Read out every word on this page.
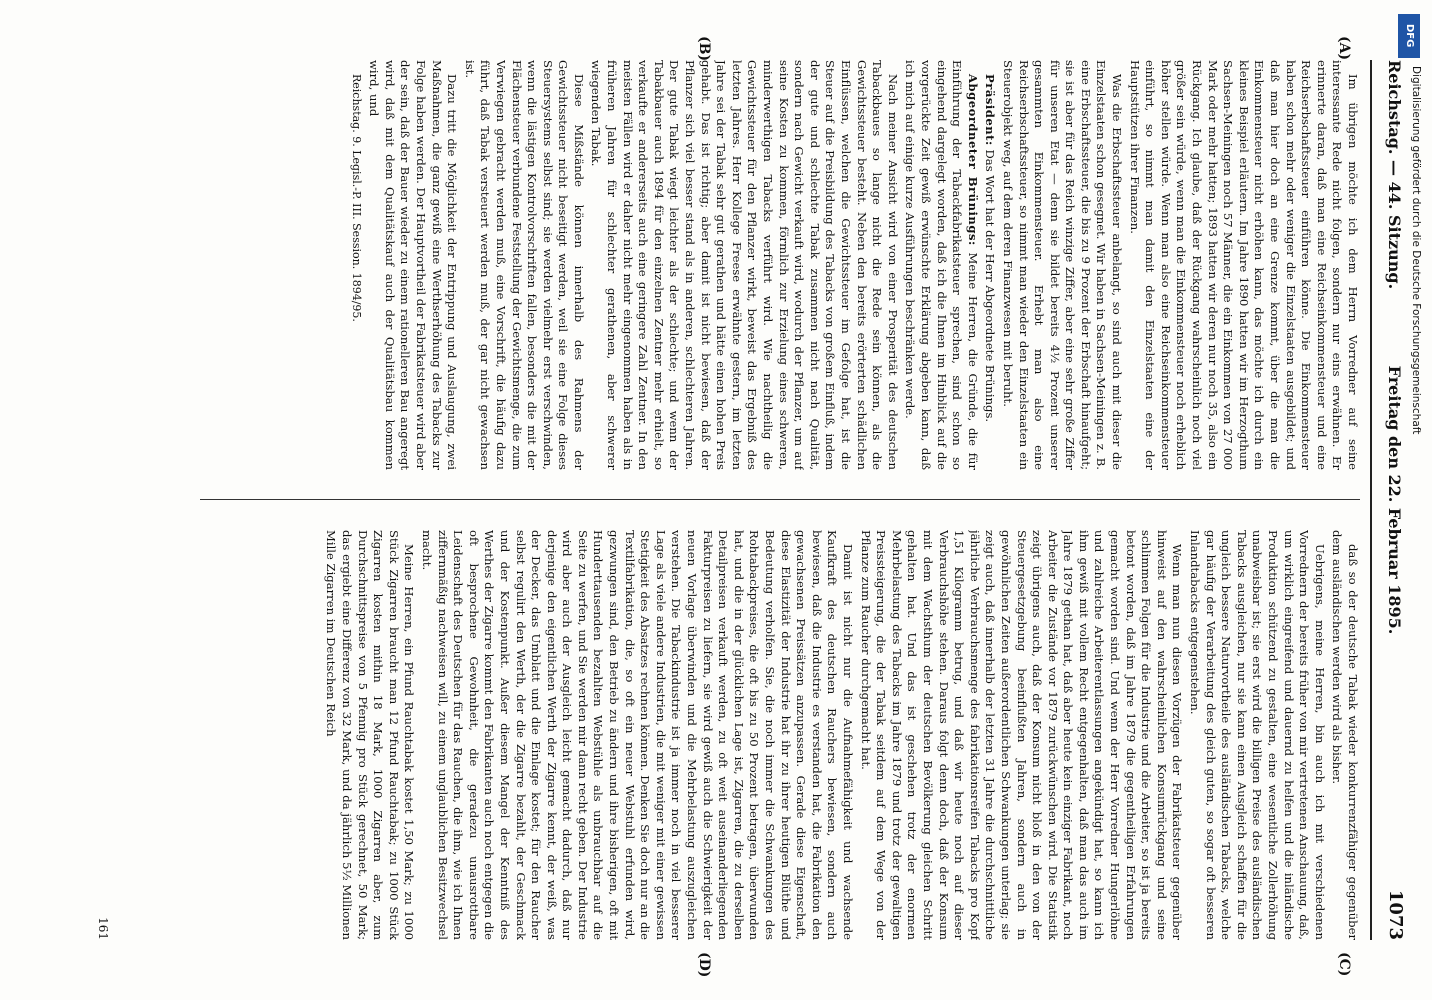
Reichstag. — 44. Sitzung.
Freitag den 22. Februar 1895.
1073
(A)
(B)
(C)
(D)

Im übrigen möchte ich dem Herrn Vorredner auf seine interessante Rede nicht folgen, sondern nur eins erwähnen. Er erinnerte daran, daß man eine Reichseinkommensteuer und eine Reichserbschaftssteuer einführen könne. Die Einkommensteuer haben schon mehr oder weniger die Einzelstaaten ausgebildet; und daß man hier doch an eine Grenze kommt, über die man die Einkommensteuer nicht erhöhen kann, das möchte ich durch ein kleines Beispiel erläutern. Im Jahre 1890 hatten wir im Herzogthum Sachsen-Meiningen noch 57 Männer, die ein Einkommen von 27 000 Mark oder mehr hatten; 1893 hatten wir deren nur noch 35, also ein Rückgang. Ich glaube, daß der Rückgang wahrscheinlich noch viel größer sein würde, wenn man die Einkommensteuer noch erheblich höher stellen würde. Wenn man also eine Reichseinkommensteuer einführt, so nimmt man damit den Einzelstaaten eine der Hauptstützen ihrer Finanzen.

Was die Erbschaftssteuer anbelangt, so sind auch mit dieser die Einzelstaaten schon gesegnet. Wir haben in Sachsen-Meiningen z. B. eine Erbschaftssteuer, die bis zu 9 Prozent der Erbschaft hinaufgeht; sie ist aber für das Reich winzige Ziffer, aber eine sehr große Ziffer für unseren Etat — denn sie bildet bereits 4½ Prozent unserer gesammten Einkommensteuer. Erhebt man also eine Reichserbschaftssteuer, so nimmt man wieder den Einzelstaaten ein Steuerobjekt weg, auf dem deren Finanzwesen mit beruht.

Präsident: Das Wort hat der Herr Abgeordnete Brünings.

Abgeordneter Brünings: Meine Herren, die Gründe, die für Einführung der Tabackfabrikatsteuer sprechen, sind schon so eingehend dargelegt worden, daß ich die Ihnen im Hinblick auf die vorgerückte Zeit gewiß erwünschte Erklärung abgeben kann, daß ich mich auf einige kurze Ausführungen beschränken werde.

Nach meiner Ansicht wird von einer Prosperität des deutschen Tabackbaues so lange nicht die Rede sein können, als die Gewichtssteuer besteht. Neben den bereits erörterten schädlichen Einflüssen, welchen die Gewichtssteuer im Gefolge hat, ist die Steuer auf die Preisbildung des Tabacks von großem Einfluß, indem der gute und schlechte Tabak zusammen nicht nach Qualität, sondern nach Gewicht verkauft wird, wodurch der Pflanzer, um auf seine Kosten zu kommen, förmlich zur Erzielung eines schweren, minderwerthigen Tabacks verführt wird. Wie nachtheilig die Gewichtssteuer für den Pflanzer wirkt, beweist das Ergebniß des letzten Jahres. Herr Kollege Freese erwähnte gestern, im letzten Jahre sei der Tabak sehr gut gerathen und hätte einen hohen Preis gehabt. Das ist richtig; aber damit ist nicht bewiesen, daß der Pflanzer sich viel besser stand als in anderen, schlechteren Jahren. Der gute Tabak wiegt leichter als der schlechte; und wenn der Tabakbauer auch 1894 für den einzelnen Zentner mehr erhielt, so verkaufte er andererseits auch eine geringere Zahl Zentner. In den meisten Fällen wird er daher nicht mehr eingenommen haben als in früheren Jahren für schlechter gerathenen, aber schwerer wiegenden Tabak.

Diese Mißstände können innerhalb des Rahmens der Gewichtssteuer nicht beseitigt werden, weil sie eine Folge dieses Steuersystems selbst sind; sie werden vielmehr erst verschwinden, wenn die lästigen Kontrolvorschriften fallen, besonders die mit der Flächensteuer verbundene Feststellung der Gewichtsmenge, die zum Verwiegen gebracht werden muß, eine Vorschrift, die häufig dazu führt, daß Tabak versteuert werden muß, der gar nicht gewachsen ist.

Dazu tritt die Möglichkeit der Entrippung und Auslaugung, zwei Maßnahmen, die ganz gewiß eine Werthserhöhung des Tabacks zur Folge haben werden. Der Hauptvortheil der Fabrikatsteuer wird aber der sein, daß der Bauer wieder zu einem rationelleren Bau angeregt wird, daß mit dem Qualitätskauf auch der Qualitätsbau kommen wird, und

Reichstag. 9. Legisl.-P. III. Session. 1894/95.

daß so der deutsche Tabak wieder konkurrenzfähiger gegenüber dem ausländischen werden wird als bisher.

Uebrigens, meine Herren, bin auch ich mit verschiedenen Vorrednern der bereits früher von mir vertretenen Anschauung, daß, um wirklich eingreifend und dauernd zu helfen und die inländische Produktion schützend zu gestalten, eine wesentliche Zollerhöhung unabweisbar ist; sie erst wird die billigen Preise des ausländischen Tabacks ausgleichen, nur sie kann einen Ausgleich schaffen für die ungleich bessere Naturvortheile des ausländischen Tabacks, welche gar häufig der Verarbeitung des gleich guten, so sogar oft besseren Inlandtabacks entgegenstehen.

Wenn man nun diesen Vorzügen der Fabrikatsteuer gegenüber hinweist auf den wahrscheinlichen Konsumrückgang und seine schlimmen Folgen für die Industrie und die Arbeiter, so ist ja bereits betont worden, daß im Jahre 1879 die gegentheiligen Erfahrungen gemacht worden sind. Und wenn der Herr Vorredner Hungerlöhne und zahlreiche Arbeiterentlassungen angekündigt hat, so kann ich ihm gewiß mit vollem Recht entgegenhalten, daß man das auch im Jahre 1879 gethan hat, daß aber heute kein einziger Fabrikant, noch Arbeiter die Zustände vor 1879 zurückwünschen wird. Die Statistik zeigt übrigens auch, daß der Konsum nicht bloß in den von der Steuergesetzgebung beeinflußten Jahren, sondern auch in gewöhnlichen Zeiten außerordentlichen Schwankungen unterlag; sie zeigt auch, daß innerhalb der letzten 31 Jahre die durchschnittliche jährliche Verbrauchsmenge des fabrikationsreifen Tabacks pro Kopf 1,51 Kilogramm betrug, und daß wir heute noch auf dieser Verbrauchshöhe stehen. Daraus folgt denn doch, daß der Konsum mit dem Wachsthum der deutschen Bevölkerung gleichen Schritt gehalten hat. Und das ist geschehen trotz der enormen Mehrbelastung des Tabacks im Jahre 1879 und trotz der gewaltigen Preissteigerung, die der Tabak seitdem auf dem Wege von der Pflanze zum Raucher durchgemacht hat.

Damit ist nicht nur die Aufnahmefähigkeit und wachsende Kaufkraft des deutschen Rauchers bewiesen, sondern auch bewiesen, daß die Industrie es verstanden hat, die Fabrikation den gewachsenen Preissätzen anzupassen. Gerade diese Eigenschaft, diese Elastizität der Industrie hat ihr zu ihrer heutigen Blüthe und Bedeutung verholfen. Sie, die noch immer die Schwankungen des Rohtabackpreises, die oft bis zu 50 Prozent betragen, überwunden hat, und die in der glücklichen Lage ist, Zigarren, die zu derselben Detailpreisen verkauft werden, zu oft weit auseinanderliegenden Fakturpreisen zu liefern, sie wird gewiß auch die Schwierigkeit der neuen Vorlage überwinden und die Mehrbelastung auszugleichen verstehen. Die Tabackindustrie ist ja immer noch in viel besserer Lage als viele andere Industrien, die mit weniger mit einer gewissen Stetigkeit des Absatzes rechnen können. Denken Sie doch nur an die Textilfabrikation, die, so oft ein neuer Webstuhl erfunden wird, gezwungen sind, den Betrieb zu ändern und ihre bisherigen, oft mit Hunderttausenden bezahlten Webstühle als unbrauchbar auf die Seite zu werfen, und Sie werden mir dann recht geben. Der Industrie wird aber auch der Ausgleich leicht gemacht dadurch, daß nur derjenige den eigentlichen Werth der Zigarre kennt, der weiß, was der Decker, das Umblatt und die Einlage kostet; für den Raucher selbst regulirt den Werth, der die Zigarre bezahlt, der Geschmack und der Kostenpunkt. Außer diesem Mangel der Kenntniß des Werthes der Zigarre kommt den Fabrikanten auch noch entgegen die oft besprochene Gewohnheit, die geradezu unausrottbare Leidenschaft des Deutschen für das Rauchen, die ihm, wie ich Ihnen ziffernmäßig nachweisen will, zu einem unglaublichen Besitzwechsel macht.

Meine Herren, ein Pfund Rauchtabak kostet 1,50 Mark; zu 1000 Stück Zigarren braucht man 12 Pfund Rauchtabak; zu 1000 Stück Zigarren kosten mithin 18 Mark, 1000 Zigarren aber, zum Durchschnittspreise von 5 Pfennig pro Stück gerechnet, 50 Mark; das ergiebt eine Differenz von 32 Mark, und da jährlich 5½ Millionen Mille Zigarren im Deutschen Reich

161
DFG
Digitalisierung gefördert durch die Deutsche Forschungsgemeinschaft
